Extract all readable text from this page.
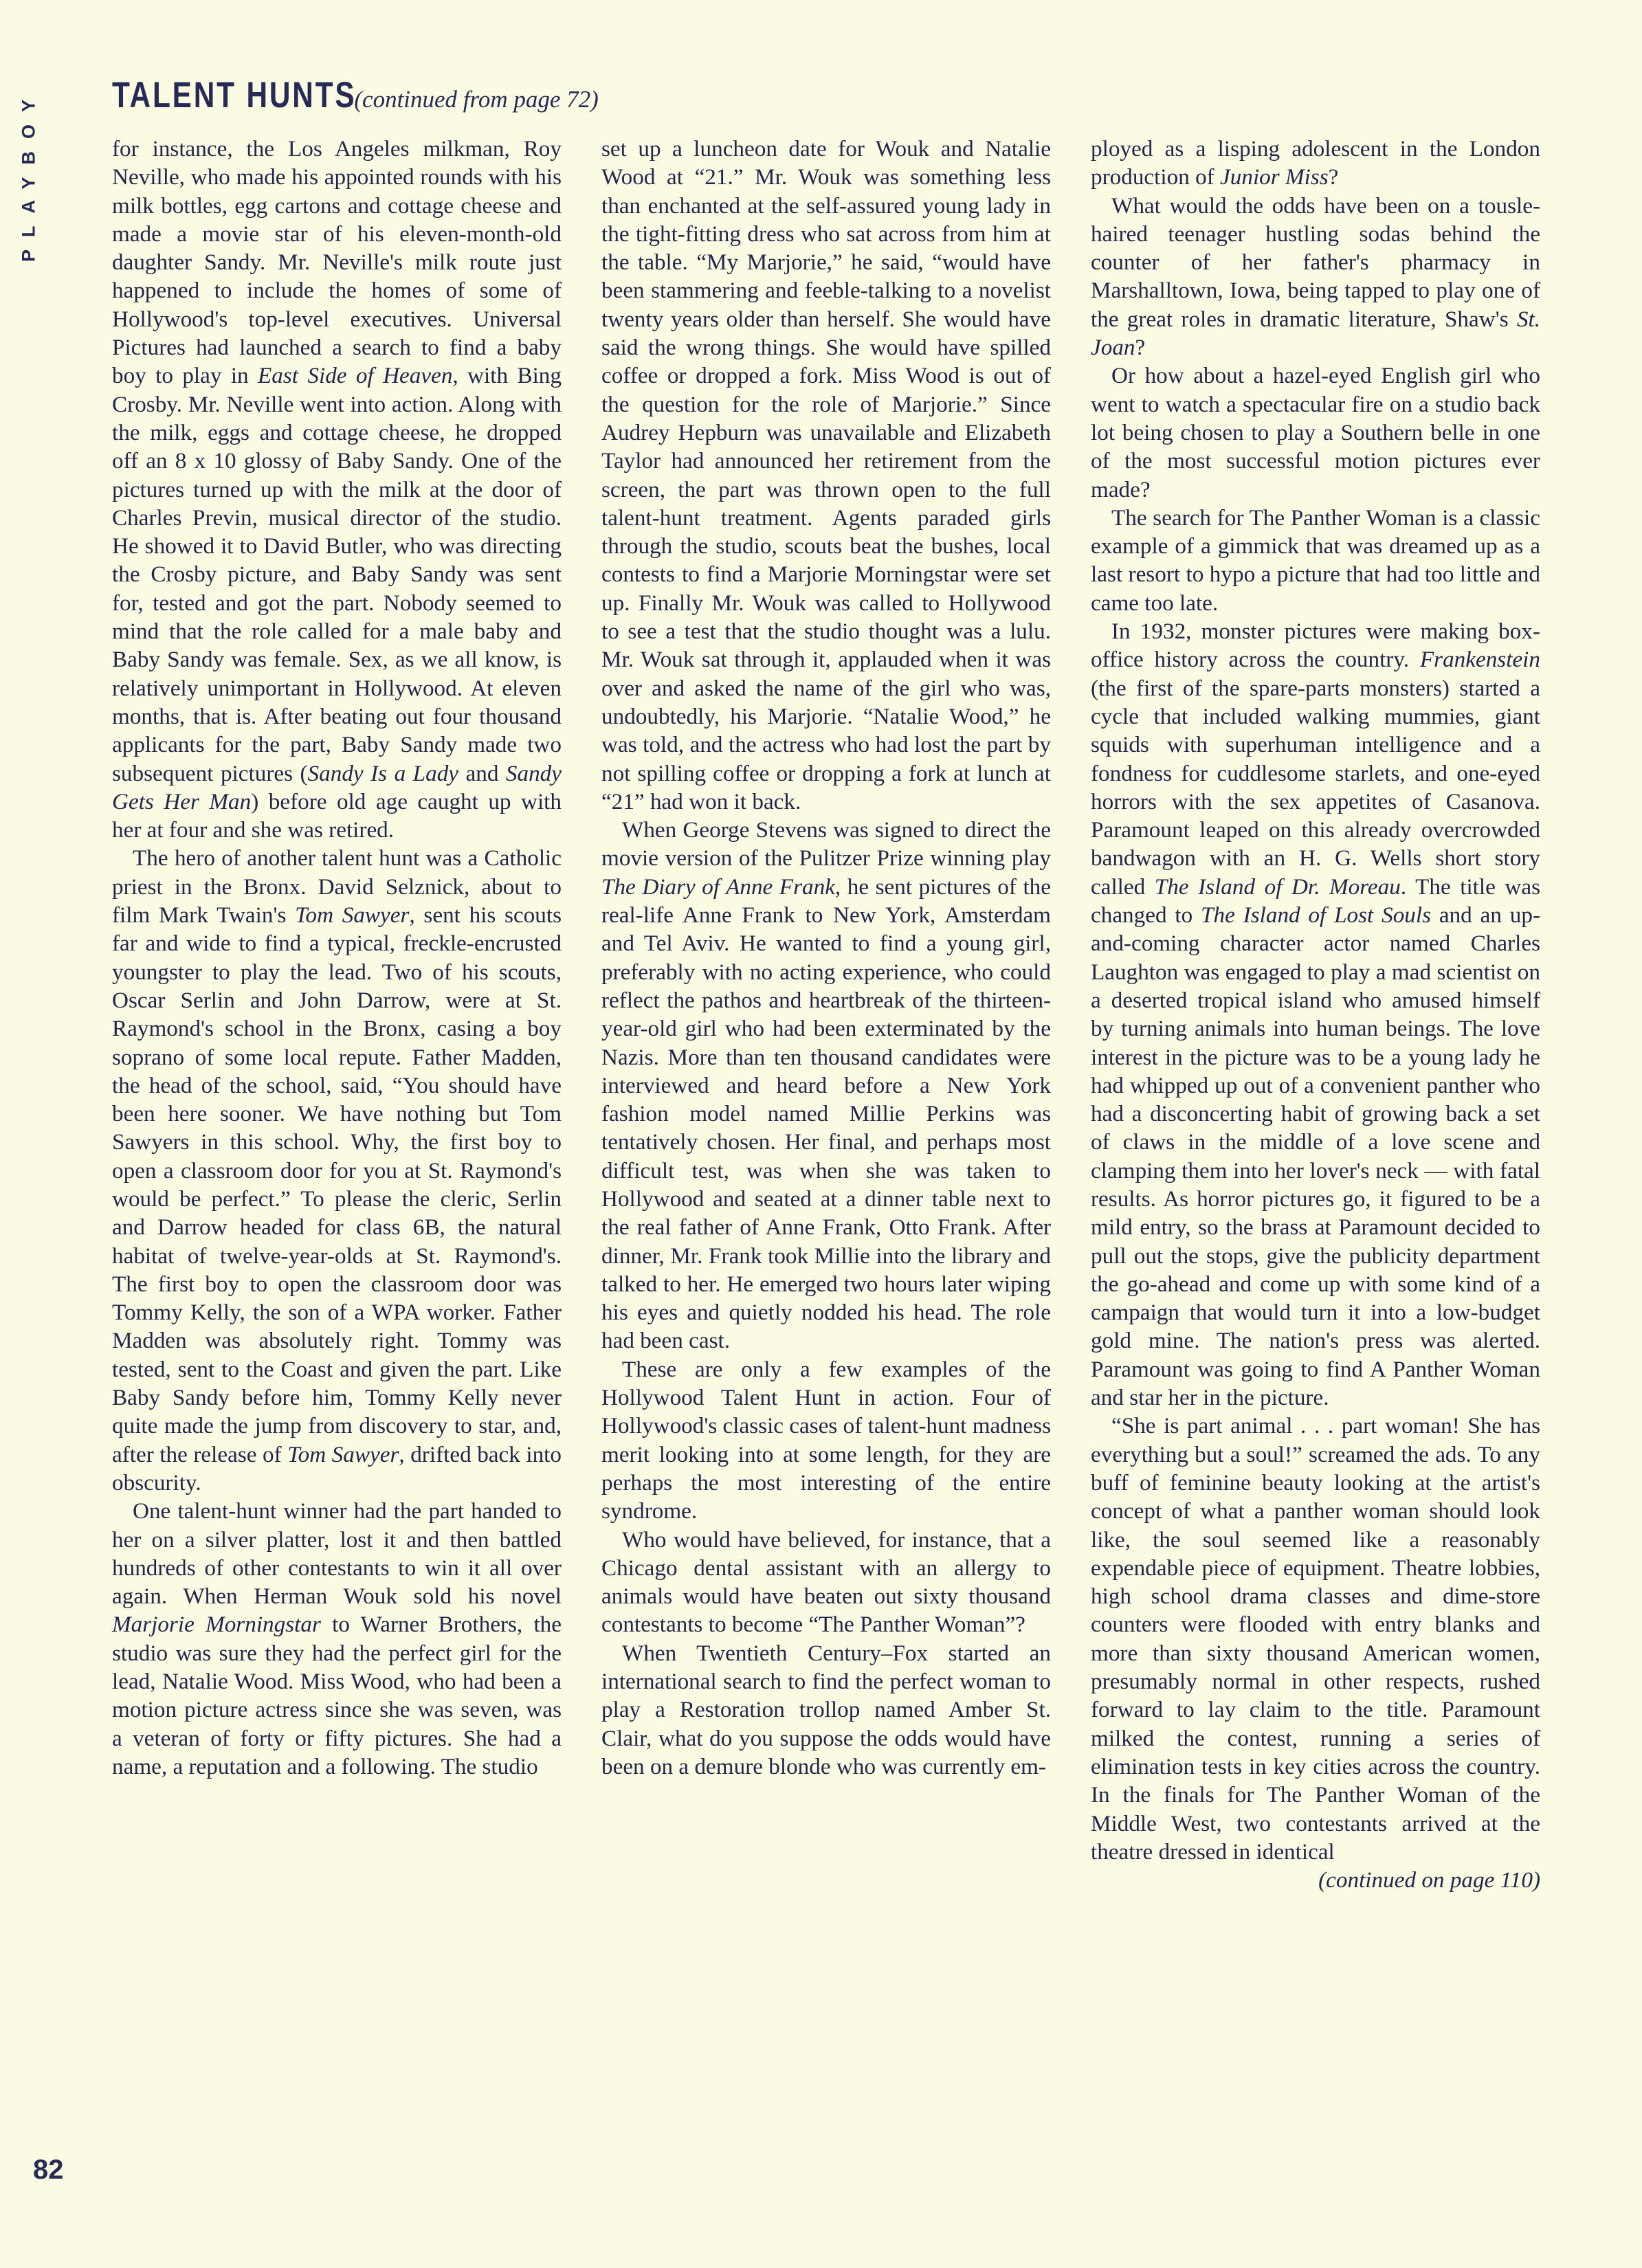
PLAYBOY TALENT HUNTS
(continued from page 72)

for instance, the Los Angeles milkman, Roy Neville, who made his appointed rounds with his milk bottles, egg cartons and cottage cheese and made a movie star of his eleven-month-old daughter Sandy. Mr. Neville's milk route just happened to include the homes of some of Hollywood's top-level executives. Universal Pictures had launched a search to find a baby boy to play in East Side of Heaven, with Bing Crosby. Mr. Neville went into action. Along with the milk, eggs and cottage cheese, he dropped off an 8 x 10 glossy of Baby Sandy. One of the pictures turned up with the milk at the door of Charles Previn, musical director of the studio. He showed it to David Butler, who was directing the Crosby picture, and Baby Sandy was sent for, tested and got the part. Nobody seemed to mind that the role called for a male baby and Baby Sandy was female. Sex, as we all know, is relatively unimportant in Hollywood. At eleven months, that is. After beating out four thousand applicants for the part, Baby Sandy made two subsequent pictures (Sandy Is a Lady and Sandy Gets Her Man) before old age caught up with her at four and she was retired.

The hero of another talent hunt was a Catholic priest in the Bronx. David Selznick, about to film Mark Twain's Tom Sawyer, sent his scouts far and wide to find a typical, freckle-encrusted youngster to play the lead. Two of his scouts, Oscar Serlin and John Darrow, were at St. Raymond's school in the Bronx, casing a boy soprano of some local repute. Father Madden, the head of the school, said, “You should have been here sooner. We have nothing but Tom Sawyers in this school. Why, the first boy to open a classroom door for you at St. Raymond's would be perfect.” To please the cleric, Serlin and Darrow headed for class 6B, the natural habitat of twelve-year-olds at St. Raymond's. The first boy to open the classroom door was Tommy Kelly, the son of a WPA worker. Father Madden was absolutely right. Tommy was tested, sent to the Coast and given the part. Like Baby Sandy before him, Tommy Kelly never quite made the jump from discovery to star, and, after the release of Tom Sawyer, drifted back into obscurity.

One talent-hunt winner had the part handed to her on a silver platter, lost it and then battled hundreds of other contestants to win it all over again. When Herman Wouk sold his novel Marjorie Morningstar to Warner Brothers, the studio was sure they had the perfect girl for the lead, Natalie Wood. Miss Wood, who had been a motion picture actress since she was seven, was a veteran of forty or fifty pictures. She had a name, a reputation and a following. The studio

set up a luncheon date for Wouk and Natalie Wood at “21.” Mr. Wouk was something less than enchanted at the self-assured young lady in the tight-fitting dress who sat across from him at the table. “My Marjorie,” he said, “would have been stammering and feeble-talking to a novelist twenty years older than herself. She would have said the wrong things. She would have spilled coffee or dropped a fork. Miss Wood is out of the question for the role of Marjorie.” Since Audrey Hepburn was unavailable and Elizabeth Taylor had announced her retirement from the screen, the part was thrown open to the full talent-hunt treatment. Agents paraded girls through the studio, scouts beat the bushes, local contests to find a Marjorie Morningstar were set up. Finally Mr. Wouk was called to Hollywood to see a test that the studio thought was a lulu. Mr. Wouk sat through it, applauded when it was over and asked the name of the girl who was, undoubtedly, his Marjorie. “Natalie Wood,” he was told, and the actress who had lost the part by not spilling coffee or dropping a fork at lunch at “21” had won it back.

When George Stevens was signed to direct the movie version of the Pulitzer Prize winning play The Diary of Anne Frank, he sent pictures of the real-life Anne Frank to New York, Amsterdam and Tel Aviv. He wanted to find a young girl, preferably with no acting experience, who could reflect the pathos and heartbreak of the thirteen-year-old girl who had been exterminated by the Nazis. More than ten thousand candidates were interviewed and heard before a New York fashion model named Millie Perkins was tentatively chosen. Her final, and perhaps most difficult test, was when she was taken to Hollywood and seated at a dinner table next to the real father of Anne Frank, Otto Frank. After dinner, Mr. Frank took Millie into the library and talked to her. He emerged two hours later wiping his eyes and quietly nodded his head. The role had been cast.

These are only a few examples of the Hollywood Talent Hunt in action. Four of Hollywood's classic cases of talent-hunt madness merit looking into at some length, for they are perhaps the most interesting of the entire syndrome.

Who would have believed, for instance, that a Chicago dental assistant with an allergy to animals would have beaten out sixty thousand contestants to become “The Panther Woman”?

When Twentieth Century–Fox started an international search to find the perfect woman to play a Restoration trollop named Amber St. Clair, what do you suppose the odds would have been on a demure blonde who was currently em-

ployed as a lisping adolescent in the London production of Junior Miss?

What would the odds have been on a tousle-haired teenager hustling sodas behind the counter of her father's pharmacy in Marshalltown, Iowa, being tapped to play one of the great roles in dramatic literature, Shaw's St. Joan?

Or how about a hazel-eyed English girl who went to watch a spectacular fire on a studio back lot being chosen to play a Southern belle in one of the most successful motion pictures ever made?

The search for The Panther Woman is a classic example of a gimmick that was dreamed up as a last resort to hypo a picture that had too little and came too late.

In 1932, monster pictures were making box-office history across the country. Frankenstein (the first of the spare-parts monsters) started a cycle that included walking mummies, giant squids with superhuman intelligence and a fondness for cuddlesome starlets, and one-eyed horrors with the sex appetites of Casanova. Paramount leaped on this already overcrowded bandwagon with an H. G. Wells short story called The Island of Dr. Moreau. The title was changed to The Island of Lost Souls and an up-and-coming character actor named Charles Laughton was engaged to play a mad scientist on a deserted tropical island who amused himself by turning animals into human beings. The love interest in the picture was to be a young lady he had whipped up out of a convenient panther who had a disconcerting habit of growing back a set of claws in the middle of a love scene and clamping them into her lover's neck — with fatal results. As horror pictures go, it figured to be a mild entry, so the brass at Paramount decided to pull out the stops, give the publicity department the go-ahead and come up with some kind of a campaign that would turn it into a low-budget gold mine. The nation's press was alerted. Paramount was going to find A Panther Woman and star her in the picture.

“She is part animal . . . part woman! She has everything but a soul!” screamed the ads. To any buff of feminine beauty looking at the artist's concept of what a panther woman should look like, the soul seemed like a reasonably expendable piece of equipment. Theatre lobbies, high school drama classes and dime-store counters were flooded with entry blanks and more than sixty thousand American women, presumably normal in other respects, rushed forward to lay claim to the title. Paramount milked the contest, running a series of elimination tests in key cities across the country. In the finals for The Panther Woman of the Middle West, two contestants arrived at the theatre dressed in identical

(continued on page 110)

82
